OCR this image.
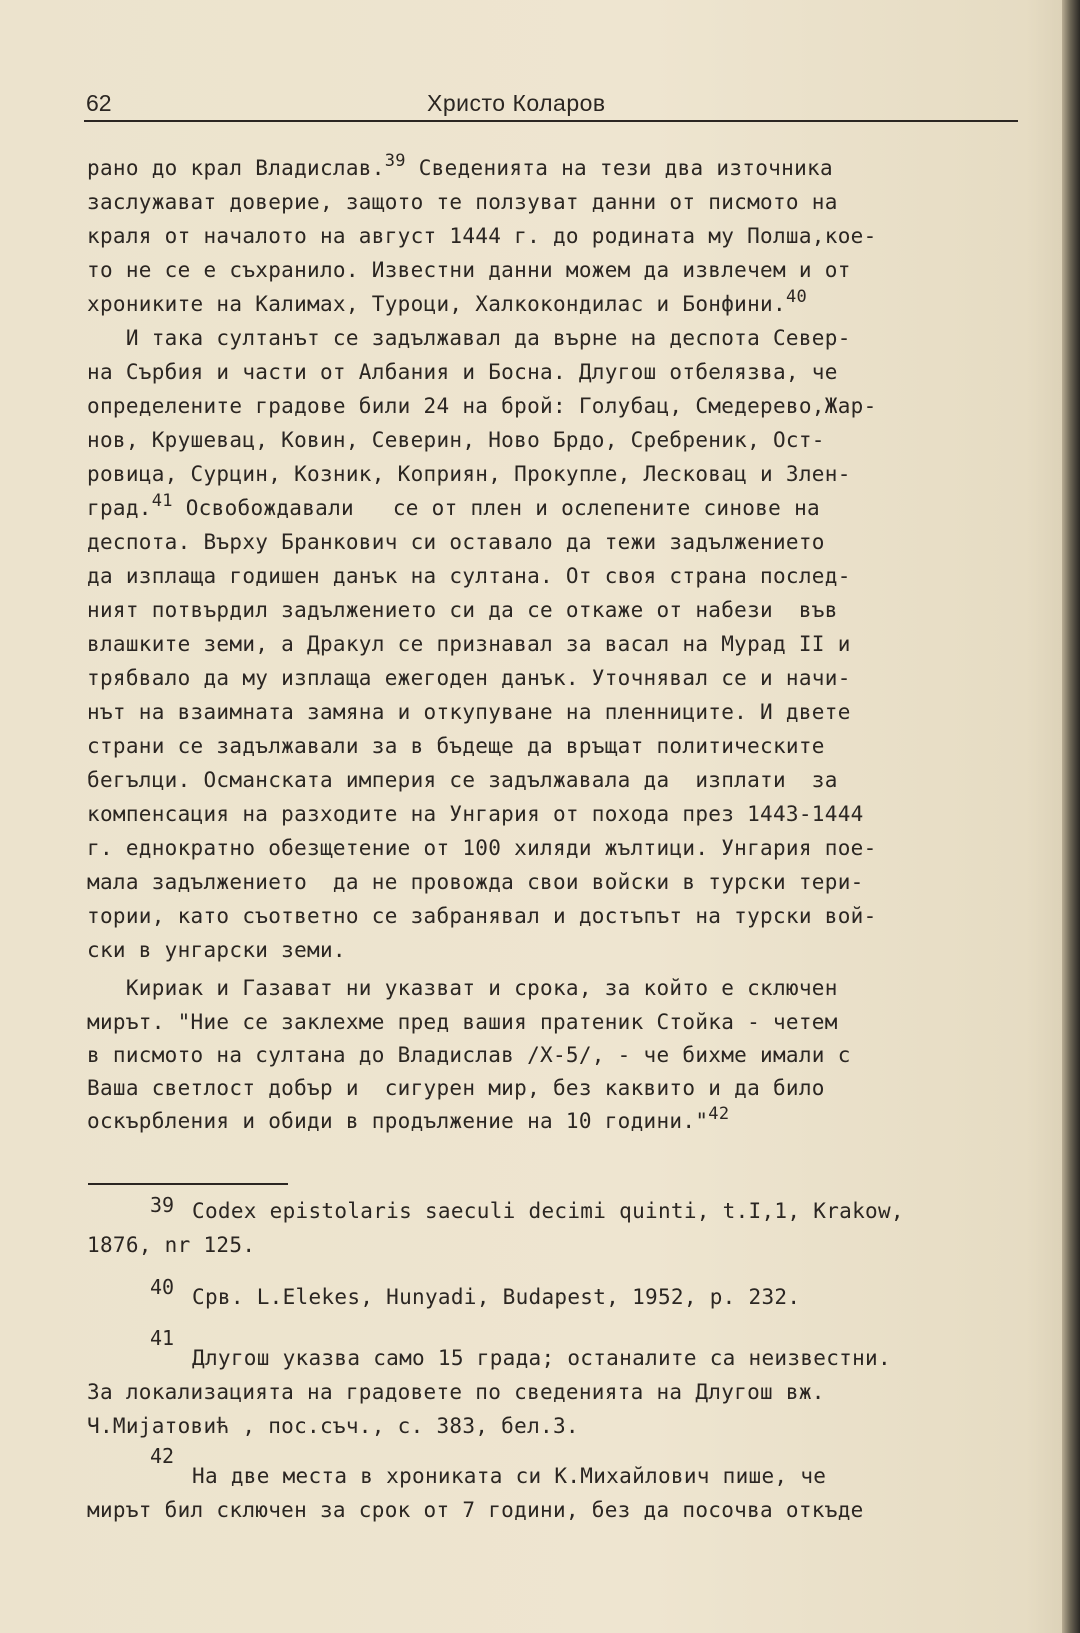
62	Христо Коларов

рано до крал Владислав.$^{39}$ Сведенията на тези два източника

заслужават доверие, защото те ползуват данни от писмото на

краля от началото на август 1444 г. до родината му Полша,кое-

то не се е съхранило. Известни данни можем да извлечем и от

хрониките на Калимах, Туроци, Халкокондилас и Бонфини.$^{40}$

И така султанът се задължавал да върне на деспота Север-

на Сърбия и части от Албания и Босна. Длугош отбелязва, че

определените градове били 24 на брой: Голубац, Смедерево,Жар-

нов, Крушевац, Ковин, Северин, Ново Брдо, Сребреник, Ост-

ровица, Сурцин, Козник, Коприян, Прокупле, Лесковац и Злен-

град.$^{41}$ Освобождавали   се от плен и ослепените синове на

деспота. Върху Бранкович си оставало да тежи задължението

да изплаща годишен данък на султана. От своя страна послед-

ният потвърдил задължението си да се откаже от набези  във

влашките земи, а Дракул се признавал за васал на Мурад II и

трябвало да му изплаща ежегоден данък. Уточнявал се и начи-

нът на взаимната замяна и откупуване на пленниците. И двете

страни се задължавали за в бъдеще да връщат политическите

бегълци. Османската империя се задължавала да  изплати  за

компенсация на разходите на Унгария от похода през 1443-1444

г. еднократно обезщетение от 100 хиляди жълтици. Унгария пое-

мала задължението  да не провожда свои войски в турски тери-

тории, като съответно се забранявал и достъпът на турски вой-

ски в унгарски земи.

Кириак и Газават ни указват и срока, за който е сключен

мирът. "Ние се заклехме пред вашия пратеник Стойка - четем

в писмото на султана до Владислав /Х-5/, - че бихме имали с

Ваша светлост добър и  сигурен мир, без каквито и да било

оскърбления и обиди в продължение на 10 години."$^{42}$

39 Codex epistolaris saeculi decimi quinti, t.I,1, Krakow,

1876, nr 125.

40 Срв. L.Elekes, Hunyadi, Budapest, 1952, p. 232.

41

Длугош указва само 15 града; останалите са неизвестни.

За локализацията на градовете по сведенията на Длугош вж.

Ч.Мијатовић , пос.съч., с. 383, бел.3.

42

На две места в хрониката си К.Михайлович пише, че

мирът бил сключен за срок от 7 години, без да посочва откъде
